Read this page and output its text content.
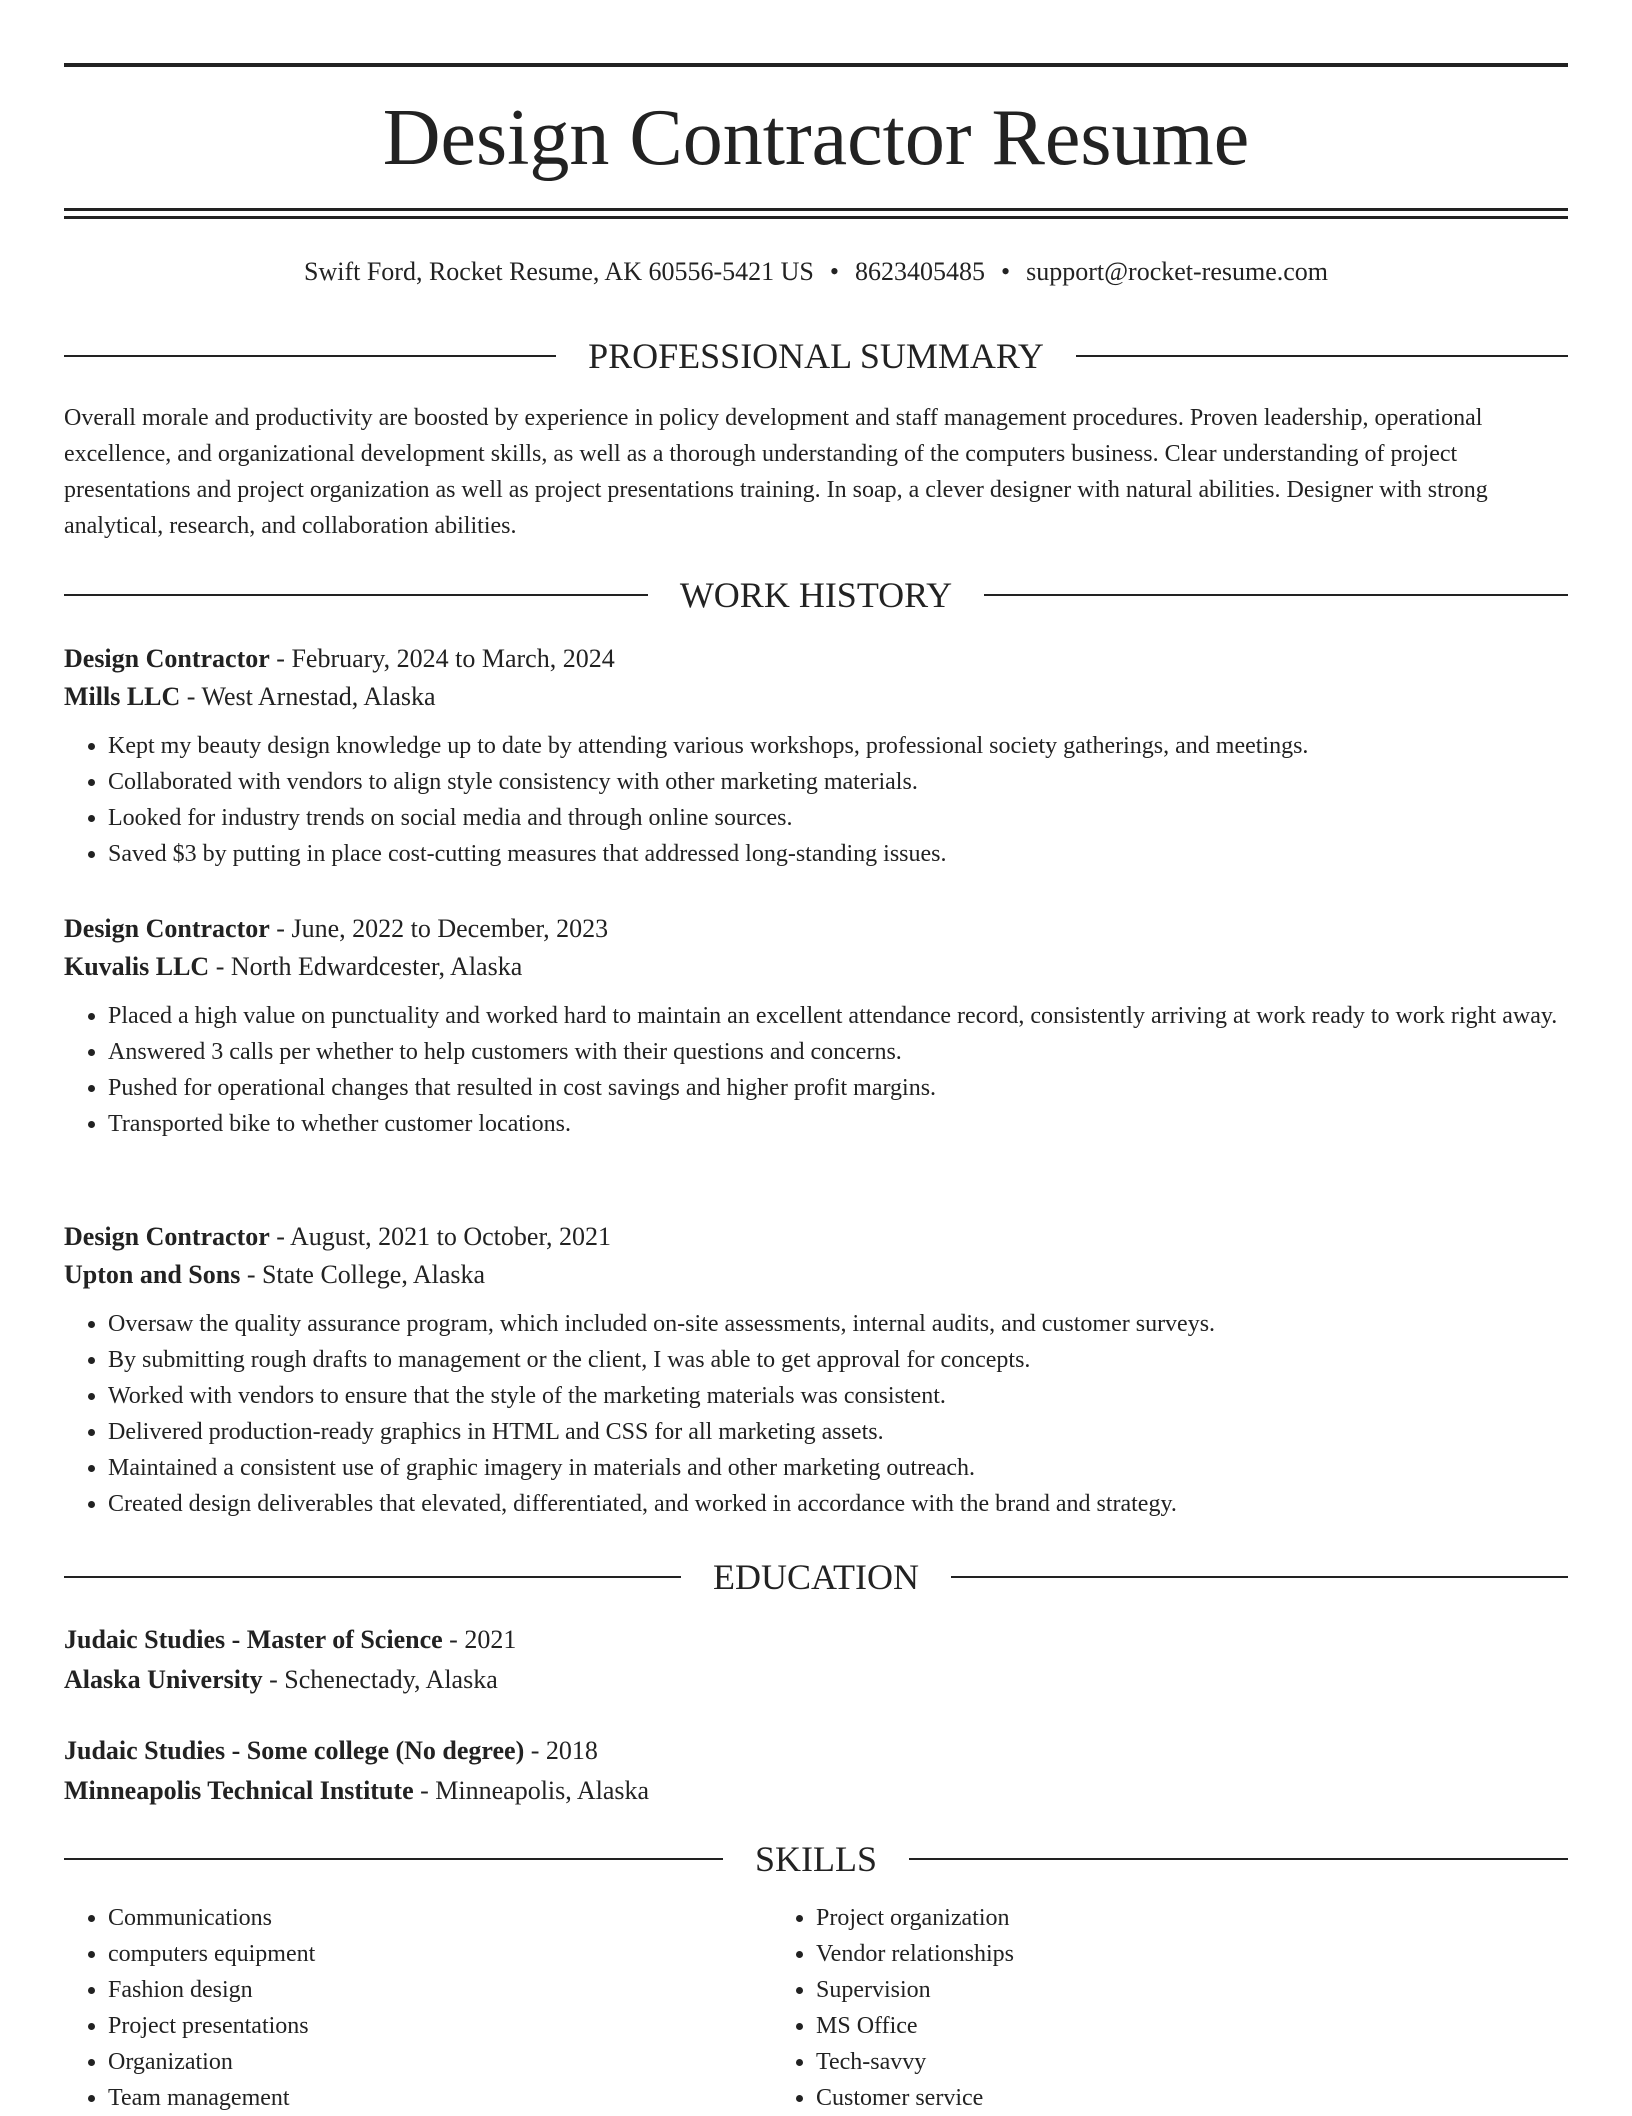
Design Contractor Resume
Swift Ford, Rocket Resume, AK 60556-5421 US • 8623405485 • support@rocket-resume.com
PROFESSIONAL SUMMARY

Overall morale and productivity are boosted by experience in policy development and staff management procedures. Proven leadership, operational excellence, and organizational development skills, as well as a thorough understanding of the computers business. Clear understanding of project presentations and project organization as well as project presentations training. In soap, a clever designer with natural abilities. Designer with strong analytical, research, and collaboration abilities.

WORK HISTORY
Design Contractor - February, 2024 to March, 2024
Mills LLC - West Arnestad, Alaska
• Kept my beauty design knowledge up to date by attending various workshops, professional society gatherings, and meetings.
• Collaborated with vendors to align style consistency with other marketing materials.
• Looked for industry trends on social media and through online sources.
• Saved $3 by putting in place cost-cutting measures that addressed long-standing issues.
Design Contractor - June, 2022 to December, 2023
Kuvalis LLC - North Edwardcester, Alaska
• Placed a high value on punctuality and worked hard to maintain an excellent attendance record, consistently arriving at work ready to work right away.
• Answered 3 calls per whether to help customers with their questions and concerns.
• Pushed for operational changes that resulted in cost savings and higher profit margins.
• Transported bike to whether customer locations.
Design Contractor - August, 2021 to October, 2021
Upton and Sons - State College, Alaska
• Oversaw the quality assurance program, which included on-site assessments, internal audits, and customer surveys.
• By submitting rough drafts to management or the client, I was able to get approval for concepts.
• Worked with vendors to ensure that the style of the marketing materials was consistent.
• Delivered production-ready graphics in HTML and CSS for all marketing assets.
• Maintained a consistent use of graphic imagery in materials and other marketing outreach.
• Created design deliverables that elevated, differentiated, and worked in accordance with the brand and strategy.
EDUCATION
Judaic Studies - Master of Science - 2021
Alaska University - Schenectady, Alaska
Judaic Studies - Some college (No degree) - 2018
Minneapolis Technical Institute - Minneapolis, Alaska
SKILLS
• Communications
• computers equipment
• Fashion design
• Project presentations
• Organization
• Team management
• Project organization
• Vendor relationships
• Supervision
• MS Office
• Tech-savvy
• Customer service
